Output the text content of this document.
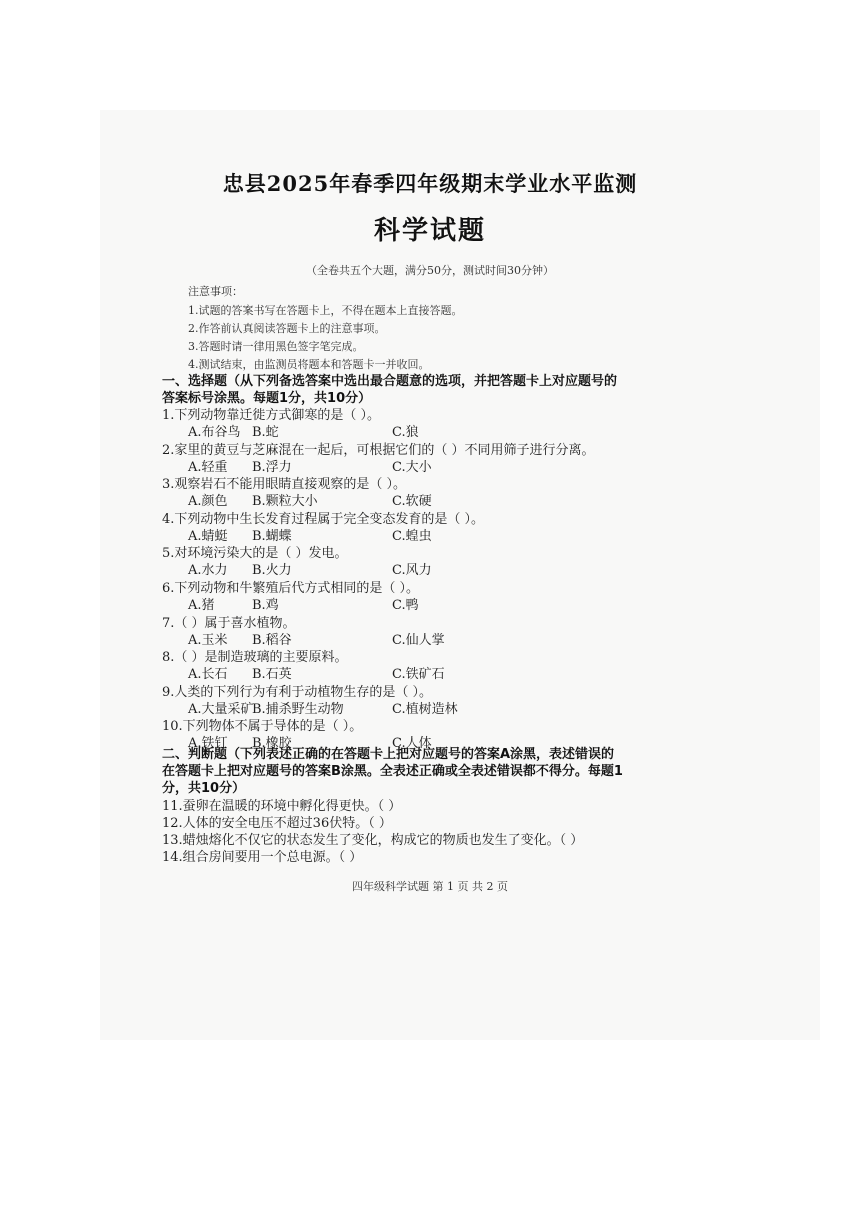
忠县2025年春季四年级期末学业水平监测
科学试题
（全卷共五个大题，满分50分，测试时间30分钟）
注意事项：
1.试题的答案书写在答题卡上，不得在题本上直接答题。
2.作答前认真阅读答题卡上的注意事项。
3.答题时请一律用黑色签字笔完成。
4.测试结束，由监测员将题本和答题卡一并收回。
一、选择题（从下列备选答案中选出最合题意的选项，并把答题卡上对应题号的
答案标号涂黑。每题1分，共10分）
1.下列动物靠迁徙方式御寒的是（ ）。
A.布谷鸟 B.蛇	C.狼
2.家里的黄豆与芝麻混在一起后，可根据它们的（ ）不同用筛子进行分离。
A.轻重 B.浮力	C.大小
3.观察岩石不能用眼睛直接观察的是（ ）。
A.颜色 B.颗粒大小	C.软硬
4.下列动物中生长发育过程属于完全变态发育的是（ ）。
A.蜻蜓 B.蝴蝶	C.蝗虫
5.对环境污染大的是（ ）发电。
A.水力 B.火力	C.风力
6.下列动物和牛繁殖后代方式相同的是（ ）。
A.猪	B.鸡	C.鸭
7.（ ）属于喜水植物。
A.玉米 B.稻谷	C.仙人掌
8.（ ）是制造玻璃的主要原料。
A.长石 B.石英	C.铁矿石
9.人类的下列行为有利于动植物生存的是（ ）。
A.大量采矿
B.捕杀野生动物	C.植树造林
10.下列物体不属于导体的是（ ）。
A.铁钉 B.橡胶	C.人体
二、判断题（下列表述正确的在答题卡上把对应题号的答案A涂黑，表述错误的
在答题卡上把对应题号的答案B涂黑。全表述正确或全表述错误都不得分。每题1
分，共10分）
11.蚕卵在温暖的环境中孵化得更快。（ ）
12.人体的安全电压不超过36伏特。（ ）
13.蜡烛熔化不仅它的状态发生了变化，构成它的物质也发生了变化。（ ）
14.组合房间要用一个总电源。（ ）
四年级科学试题 第 1 页 共 2 页
